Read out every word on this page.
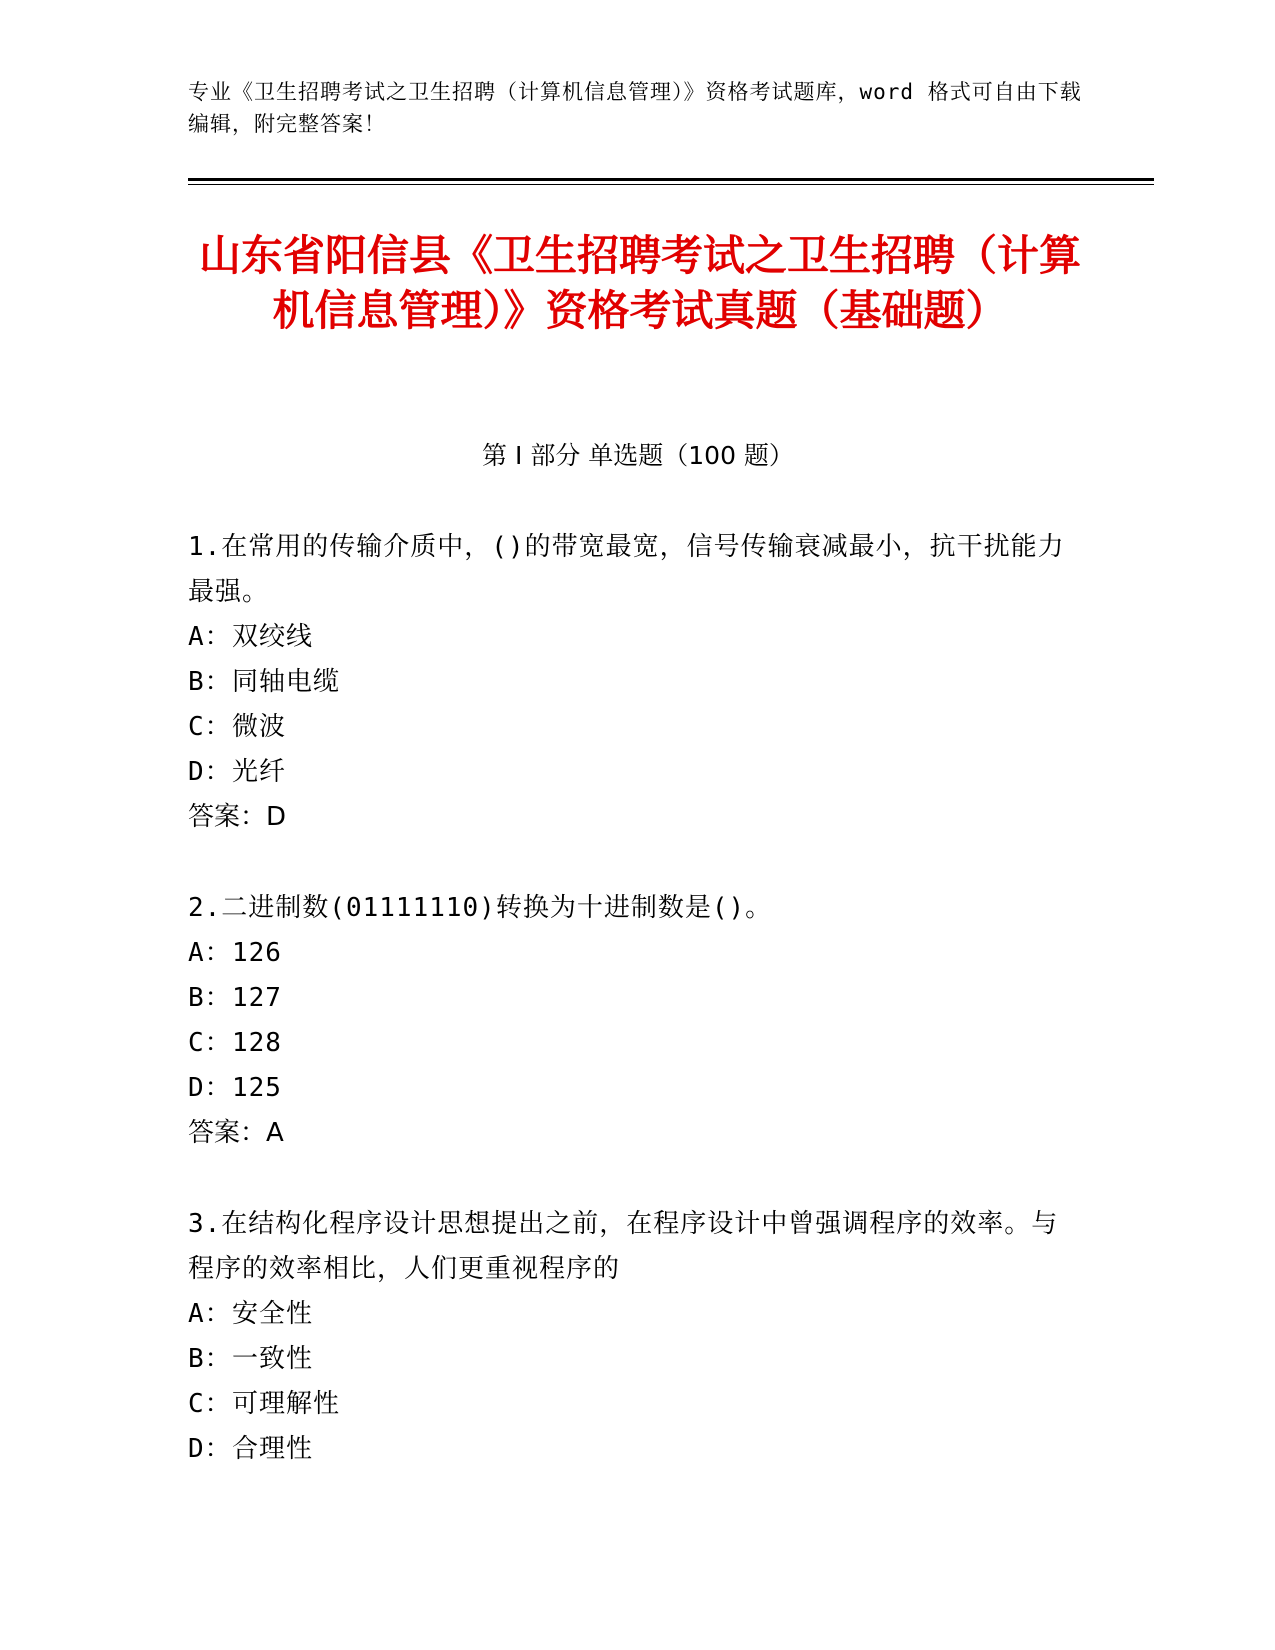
专业《卫生招聘考试之卫生招聘（计算机信息管理）》资格考试题库，word 格式可自由下载编辑，附完整答案！
山东省阳信县《卫生招聘考试之卫生招聘（计算机信息管理）》资格考试真题（基础题）
第 I 部分 单选题（100 题）
1.在常用的传输介质中，()的带宽最宽，信号传输衰减最小，抗干扰能力最强。
A：双绞线
B：同轴电缆
C：微波
D：光纤
答案：D
2.二进制数(01111110)转换为十进制数是()。
A：126
B：127
C：128
D：125
答案：A
3.在结构化程序设计思想提出之前，在程序设计中曾强调程序的效率。与程序的效率相比，人们更重视程序的
A：安全性
B：一致性
C：可理解性
D：合理性
